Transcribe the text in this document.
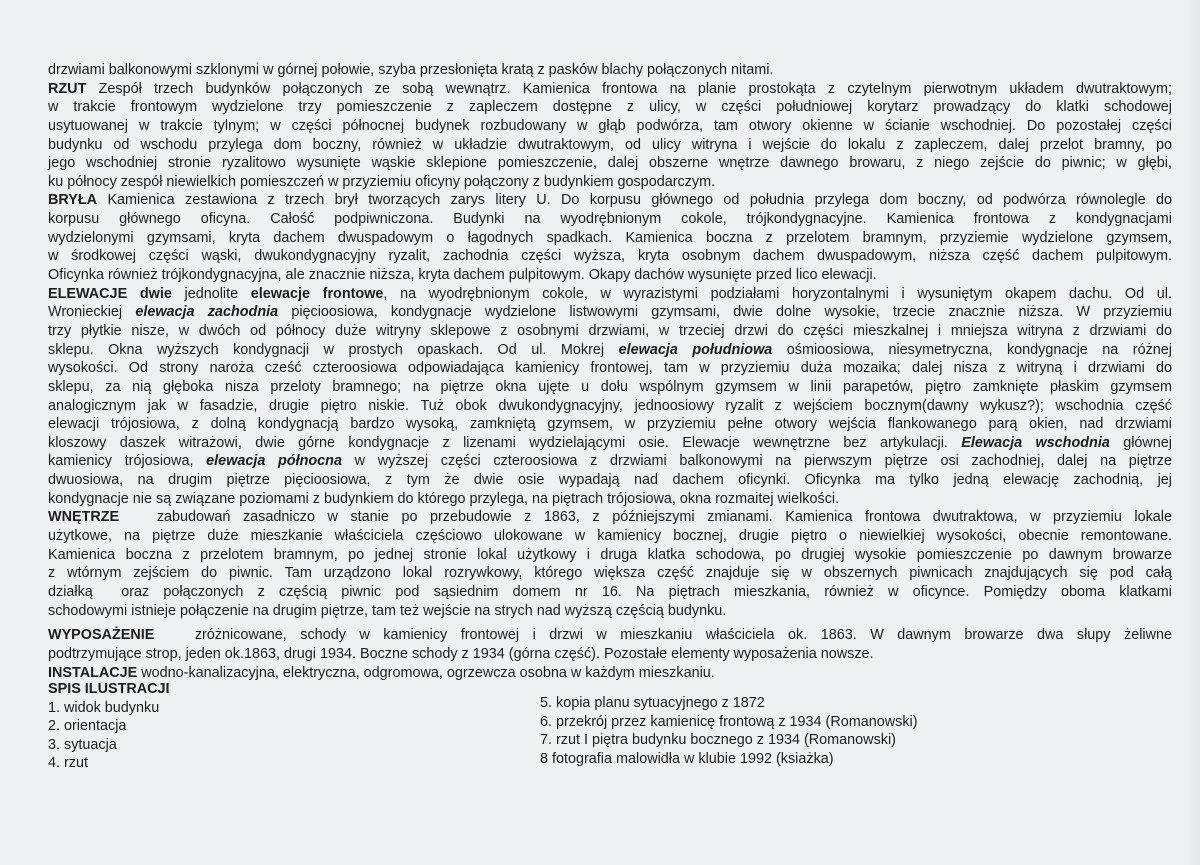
drzwiami balkonowymi szklonymi w górnej połowie, szyba przesłonięta kratą z pasków blachy połączonych nitami.
RZUT Zespół trzech budynków połączonych ze sobą wewnątrz. Kamienica frontowa na planie prostokąta z czytelnym pierwotnym układem dwutraktowym;
w trakcie frontowym wydzielone trzy pomieszczenie z zapleczem dostępne z ulicy, w części południowej korytarz prowadzący do klatki schodowej
usytuowanej w trakcie tylnym; w części północnej budynek rozbudowany w głąb podwórza, tam otwory okienne w ścianie wschodniej. Do pozostałej części
budynku od wschodu przylega dom boczny, również w układzie dwutraktowym, od ulicy witryna i wejście do lokalu z zapleczem, dalej przelot bramny, po
jego wschodniej stronie ryzalitowo wysunięte wąskie sklepione pomieszczenie, dalej obszerne wnętrze dawnego browaru, z niego zejście do piwnic; w głębi,
ku północy zespół niewielkich pomieszczeń w przyziemiu oficyny połączony z budynkiem gospodarczym.
BRYŁA Kamienica zestawiona z trzech brył tworzących zarys litery U. Do korpusu głównego od południa przylega dom boczny, od podwórza równolegle do
korpusu głównego oficyna. Całość podpiwniczona. Budynki na wyodrębnionym cokole, trójkondygnacyjne. Kamienica frontowa z kondygnacjami
wydzielonymi gzymsami, kryta dachem dwuspadowym o łagodnych spadkach. Kamienica boczna z przelotem bramnym, przyziemie wydzielone gzymsem,
w środkowej części wąski, dwukondygnacyjny ryzalit, zachodnia części wyższa, kryta osobnym dachem dwuspadowym, niższa część dachem pulpitowym.
Oficynka również trójkondygnacyjna, ale znacznie niższa, kryta dachem pulpitowym. Okapy dachów wysunięte przed lico elewacji.
ELEWACJE dwie jednolite elewacje frontowe, na wyodrębnionym cokole, w wyrazistymi podziałami horyzontalnymi i wysuniętym okapem dachu. Od ul.
Wronieckiej elewacja zachodnia pięcioosiowa, kondygnacje wydzielone listwowymi gzymsami, dwie dolne wysokie, trzecie znacznie niższa. W przyziemiu
trzy płytkie nisze, w dwóch od północy duże witryny sklepowe z osobnymi drzwiami, w trzeciej drzwi do części mieszkalnej i mniejsza witryna z drzwiami do
sklepu. Okna wyższych kondygnacji w prostych opaskach. Od ul. Mokrej elewacja południowa ośmioosiowa, niesymetryczna, kondygnacje na różnej
wysokości. Od strony naroża cześć czteroosiowa odpowiadająca kamienicy frontowej, tam w przyziemiu duża mozaika; dalej nisza z witryną i drzwiami do
sklepu, za nią głęboka nisza przeloty bramnego; na piętrze okna ujęte u dołu wspólnym gzymsem w linii parapetów, piętro zamknięte płaskim gzymsem
analogicznym jak w fasadzie, drugie piętro niskie. Tuż obok dwukondygnacyjny, jednoosiowy ryzalit z wejściem bocznym(dawny wykusz?); wschodnia część
elewacji trójosiowa, z dolną kondygnacją bardzo wysoką, zamkniętą gzymsem, w przyziemiu pełne otwory wejścia flankowanego parą okien, nad drzwiami
kloszowy daszek witrażowi, dwie górne kondygnacje z lizenami wydzielającymi osie. Elewacje wewnętrzne bez artykulacji. Elewacja wschodnia głównej
kamienicy trójosiowa, elewacja północna w wyższej części czteroosiowa z drzwiami balkonowymi na pierwszym piętrze osi zachodniej, dalej na piętrze
dwuosiowa, na drugim piętrze pięcioosiowa, z tym że dwie osie wypadają nad dachem oficynki. Oficynka ma tylko jedną elewację zachodnią, jej
kondygnacje nie są związane poziomami z budynkiem do którego przylega, na piętrach trójosiowa, okna rozmaitej wielkości.
WNĘTRZE   zabudowań zasadniczo w stanie po przebudowie z 1863, z późniejszymi zmianami. Kamienica frontowa dwutraktowa, w przyziemiu lokale
użytkowe, na piętrze duże mieszkanie właściciela częściowo ulokowane w kamienicy bocznej, drugie piętro o niewielkiej wysokości, obecnie remontowane.
Kamienica boczna z przelotem bramnym, po jednej stronie lokal użytkowy i druga klatka schodowa, po drugiej wysokie pomieszczenie po dawnym browarze
z wtórnym zejściem do piwnic. Tam urządzono lokal rozrywkowy, którego większa część znajduje się w obszernych piwnicach znajdujących się pod całą
działką  oraz połączonych z częścią piwnic pod sąsiednim domem nr 16. Na piętrach mieszkania, również w oficynce. Pomiędzy oboma klatkami
schodowymi istnieje połączenie na drugim piętrze, tam też wejście na strych nad wyższą częścią budynku.
WYPOSAŻENIE   zróżnicowane, schody w kamienicy frontowej i drzwi w mieszkaniu właściciela ok. 1863. W dawnym browarze dwa słupy żeliwne
podtrzymujące strop, jeden ok.1863, drugi 1934. Boczne schody z 1934 (górna część). Pozostałe elementy wyposażenia nowsze.
INSTALACJE wodno-kanalizacyjna, elektryczna, odgromowa, ogrzewcza osobna w każdym mieszkaniu.
SPIS ILUSTRACJI
1. widok budynku
2. orientacja
3. sytuacja
4. rzut
5. kopia planu sytuacyjnego z 1872
6. przekrój przez kamienicę frontową z 1934 (Romanowski)
7. rzut I piętra budynku bocznego z 1934 (Romanowski)
8 fotografia malowidła w klubie 1992 (ksiażka)
